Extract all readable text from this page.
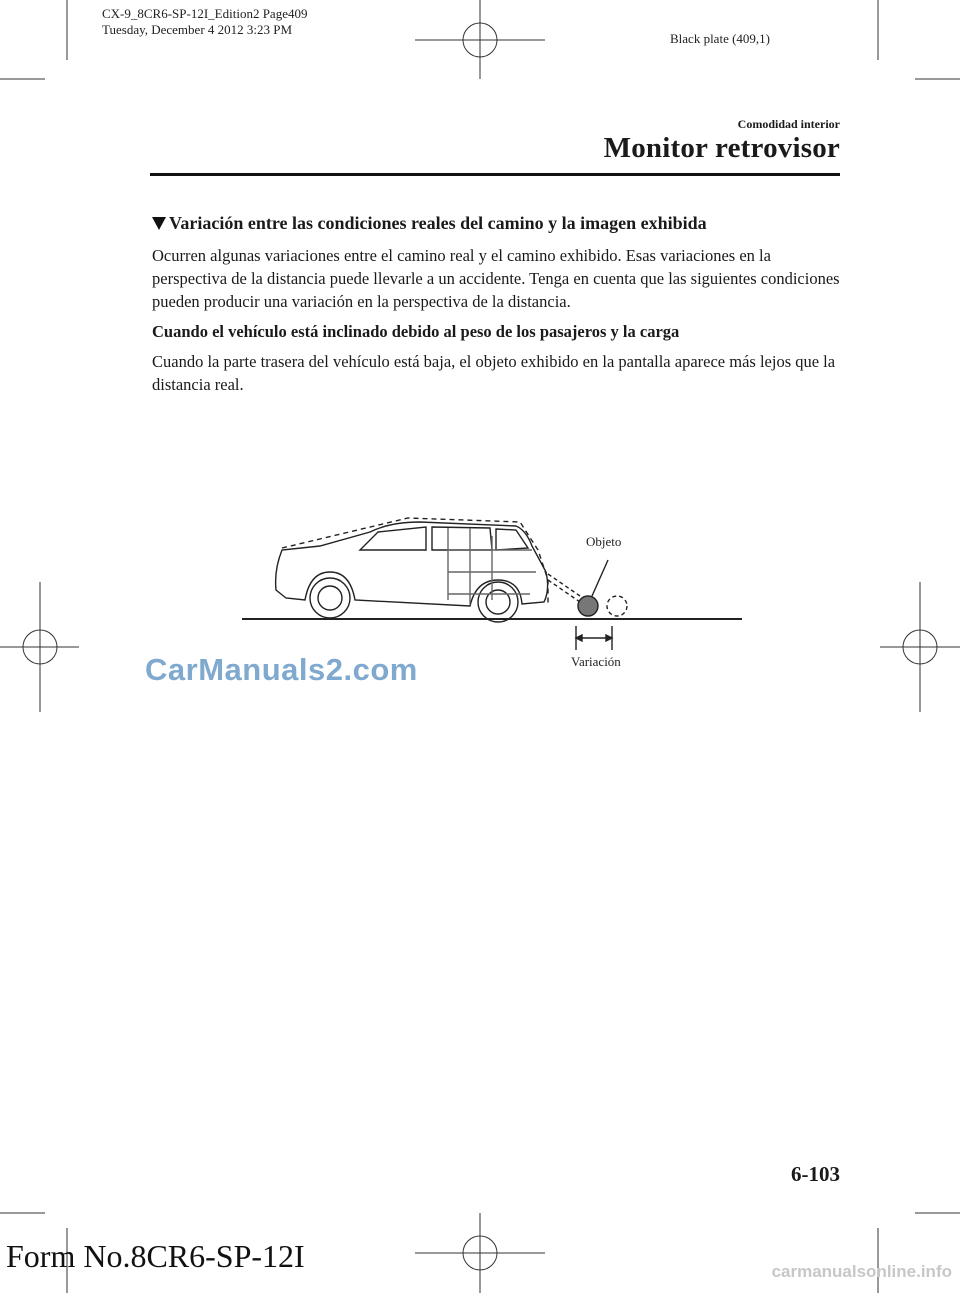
CX-9_8CR6-SP-12I_Edition2 Page409
Tuesday, December 4 2012 3:23 PM
Black plate (409,1)
Comodidad interior
Monitor retrovisor
Variación entre las condiciones reales del camino y la imagen exhibida
Ocurren algunas variaciones entre el camino real y el camino exhibido. Esas variaciones en la perspectiva de la distancia puede llevarle a un accidente. Tenga en cuenta que las siguientes condiciones pueden producir una variación en la perspectiva de la distancia.
Cuando el vehículo está inclinado debido al peso de los pasajeros y la carga
Cuando la parte trasera del vehículo está baja, el objeto exhibido en la pantalla aparece más lejos que la distancia real.
Objeto
Variación
CarManuals2.com
6-103
Form No.8CR6-SP-12I	carmanualsonline.info
